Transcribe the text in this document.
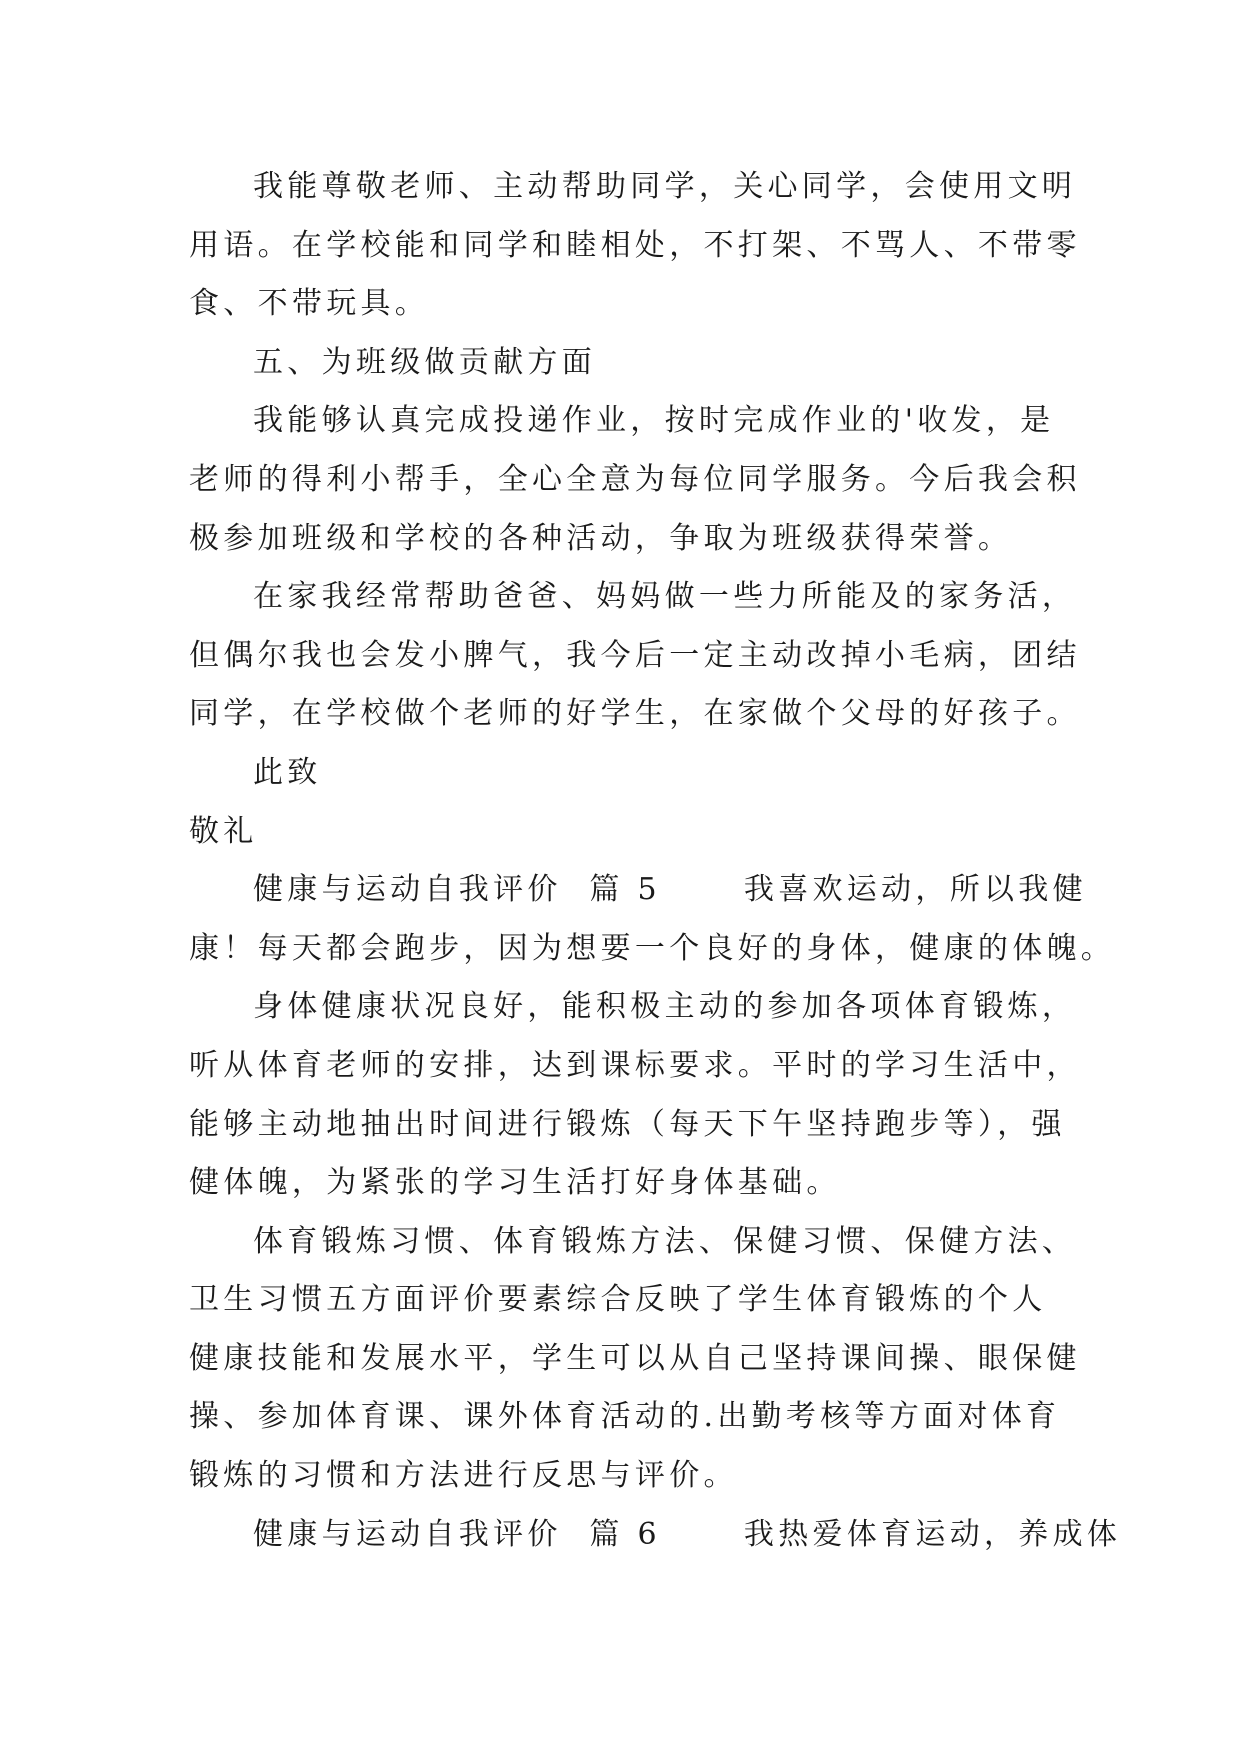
我能尊敬老师、主动帮助同学，关心同学，会使用文明
用语。在学校能和同学和睦相处，不打架、不骂人、不带零
食、不带玩具。
五、为班级做贡献方面
我能够认真完成投递作业，按时完成作业的'收发，是
老师的得利小帮手，全心全意为每位同学服务。今后我会积
极参加班级和学校的各种活动，争取为班级获得荣誉。
在家我经常帮助爸爸、妈妈做一些力所能及的家务活，
但偶尔我也会发小脾气，我今后一定主动改掉小毛病，团结
同学，在学校做个老师的好学生，在家做个父母的好孩子。
此致
敬礼
健康与运动自我评价  篇 5      我喜欢运动，所以我健
康！每天都会跑步，因为想要一个良好的身体，健康的体魄。
身体健康状况良好，能积极主动的参加各项体育锻炼，
听从体育老师的安排，达到课标要求。平时的学习生活中，
能够主动地抽出时间进行锻炼（每天下午坚持跑步等），强
健体魄，为紧张的学习生活打好身体基础。
体育锻炼习惯、体育锻炼方法、保健习惯、保健方法、
卫生习惯五方面评价要素综合反映了学生体育锻炼的个人
健康技能和发展水平，学生可以从自己坚持课间操、眼保健
操、参加体育课、课外体育活动的.出勤考核等方面对体育
锻炼的习惯和方法进行反思与评价。
健康与运动自我评价  篇 6      我热爱体育运动，养成体
